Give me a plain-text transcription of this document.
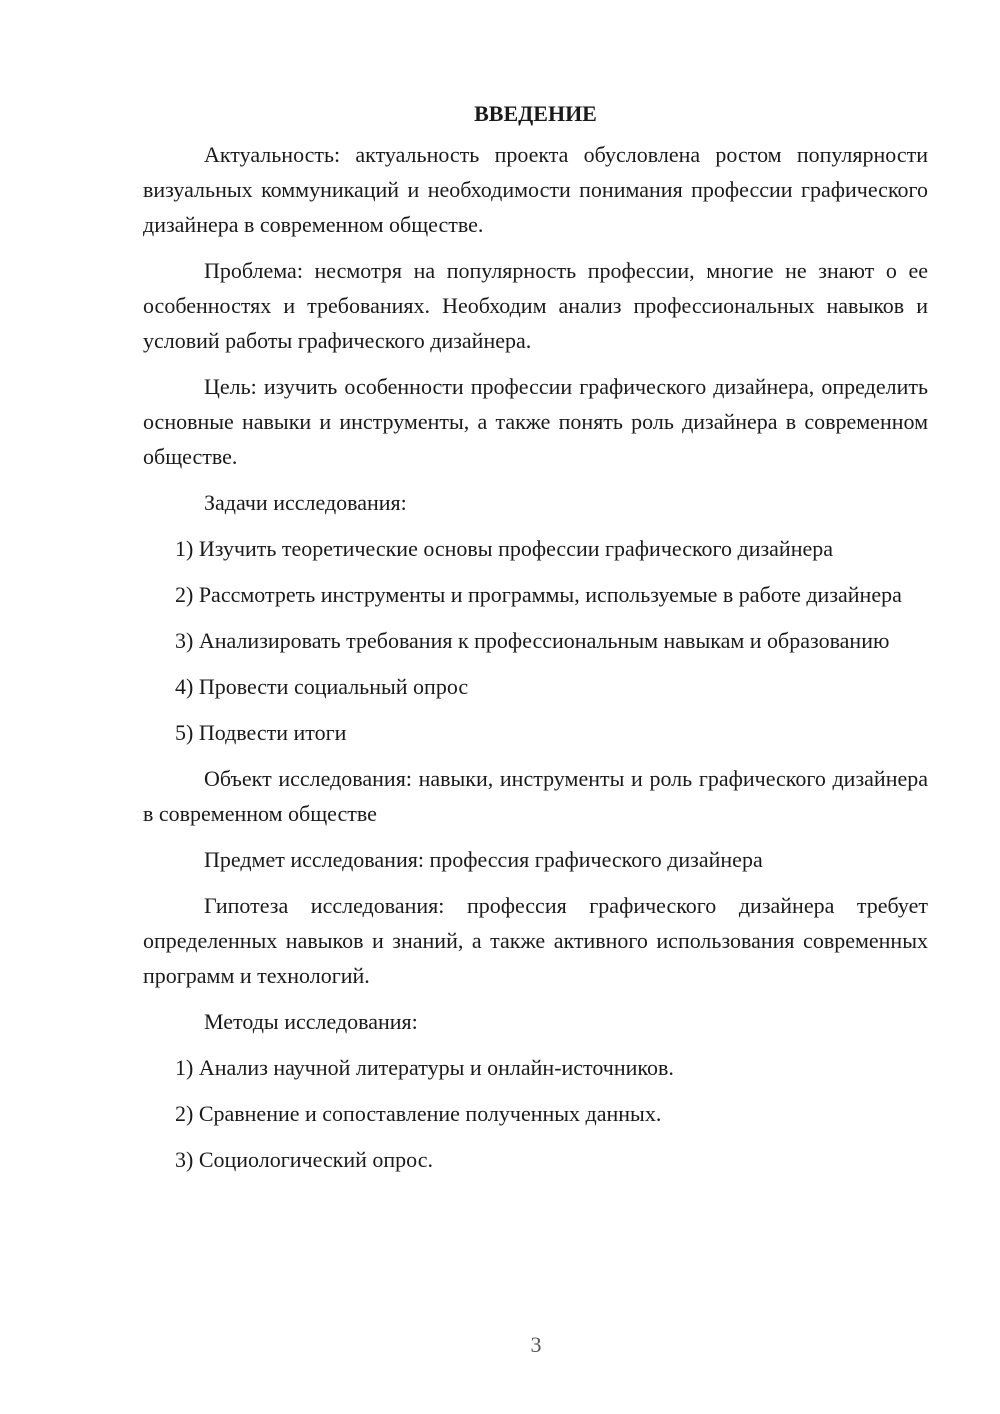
ВВЕДЕНИЕ

Актуальность: актуальность проекта обусловлена ростом популярности визуальных коммуникаций и необходимости понимания профессии графического дизайнера в современном обществе.

Проблема: несмотря на популярность профессии, многие не знают о ее особенностях и требованиях. Необходим анализ профессиональных навыков и условий работы графического дизайнера.

Цель: изучить особенности профессии графического дизайнера, определить основные навыки и инструменты, а также понять роль дизайнера в современном обществе.

Задачи исследования:

1) Изучить теоретические основы профессии графического дизайнера

2) Рассмотреть инструменты и программы, используемые в работе дизайнера

3) Анализировать требования к профессиональным навыкам и образованию

4) Провести социальный опрос

5) Подвести итоги

Объект исследования: навыки, инструменты и роль графического дизайнера в современном обществе

Предмет исследования: профессия графического дизайнера

Гипотеза исследования: профессия графического дизайнера требует определенных навыков и знаний, а также активного использования современных программ и технологий.

Методы исследования:

1) Анализ научной литературы и онлайн-источников.

2) Сравнение и сопоставление полученных данных.

3) Социологический опрос.

3
